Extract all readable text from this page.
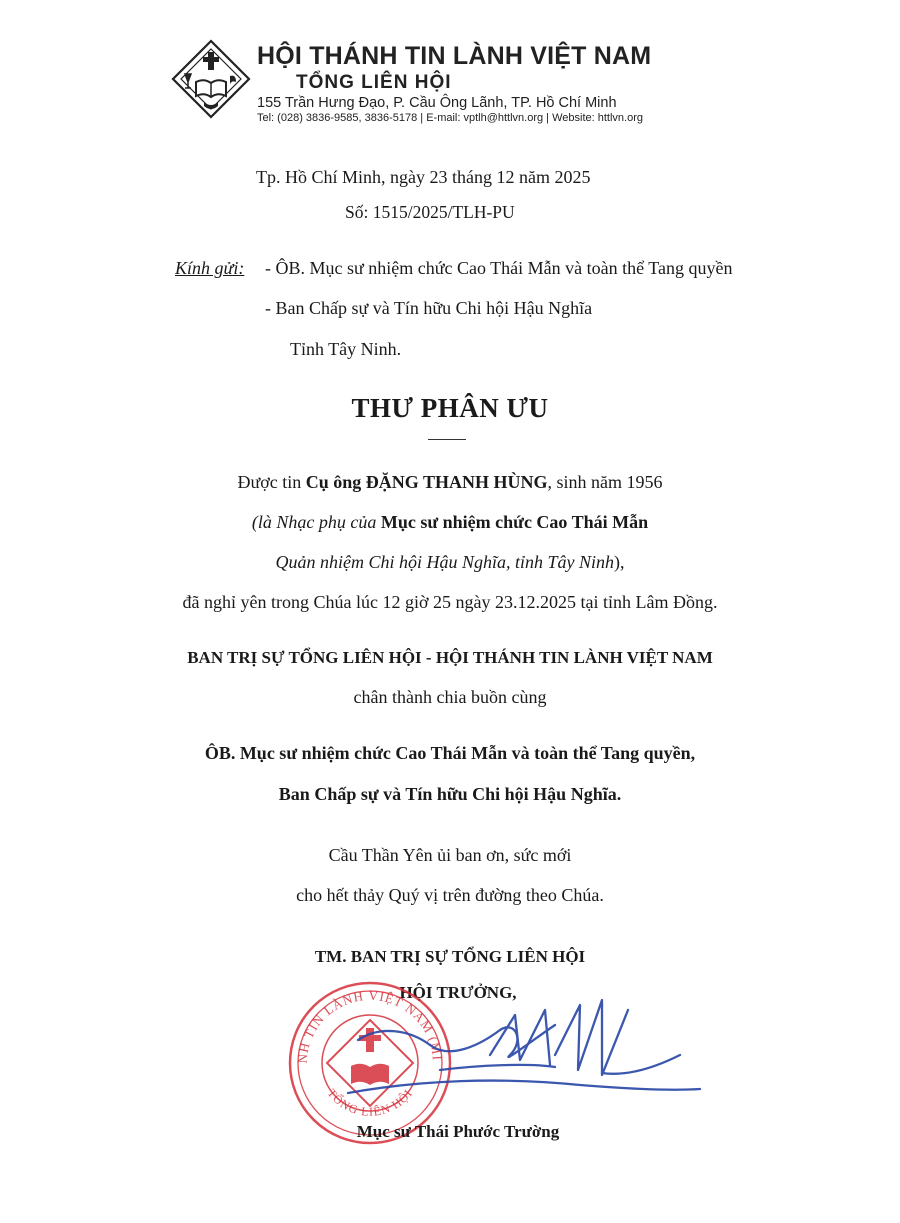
HỘI THÁNH TIN LÀNH VIỆT NAM
TỔNG LIÊN HỘI
155 Trần Hưng Đạo, P. Cầu Ông Lãnh, TP. Hồ Chí Minh
Tel: (028) 3836-9585, 3836-5178 | E-mail: vptlh@httlvn.org | Website: httlvn.org
Tp. Hồ Chí Minh, ngày 23 tháng 12 năm 2025
Số: 1515/2025/TLH-PU
Kính gửi: - ÔB. Mục sư nhiệm chức Cao Thái Mẫn và toàn thể Tang quyền
- Ban Chấp sự và Tín hữu Chi hội Hậu Nghĩa
Tỉnh Tây Ninh.
THƯ PHÂN ƯU
Được tin Cụ ông ĐẶNG THANH HÙNG, sinh năm 1956
(là Nhạc phụ của Mục sư nhiệm chức Cao Thái Mẫn
Quản nhiệm Chi hội Hậu Nghĩa, tỉnh Tây Ninh),
đã nghỉ yên trong Chúa lúc 12 giờ 25 ngày 23.12.2025 tại tỉnh Lâm Đồng.
BAN TRỊ SỰ TỔNG LIÊN HỘI - HỘI THÁNH TIN LÀNH VIỆT NAM
chân thành chia buồn cùng
ÔB. Mục sư nhiệm chức Cao Thái Mẫn và toàn thể Tang quyền,
Ban Chấp sự và Tín hữu Chi hội Hậu Nghĩa.
Cầu Thần Yên ủi ban ơn, sức mới
cho hết thảy Quý vị trên đường theo Chúa.
TM. BAN TRỊ SỰ TỔNG LIÊN HỘI
HỘI TRƯỞNG,
NH TIN LÀNH VIỆT NAM (MI
TỔNG LIÊN HỘI
Mục sư Thái Phước Trường
